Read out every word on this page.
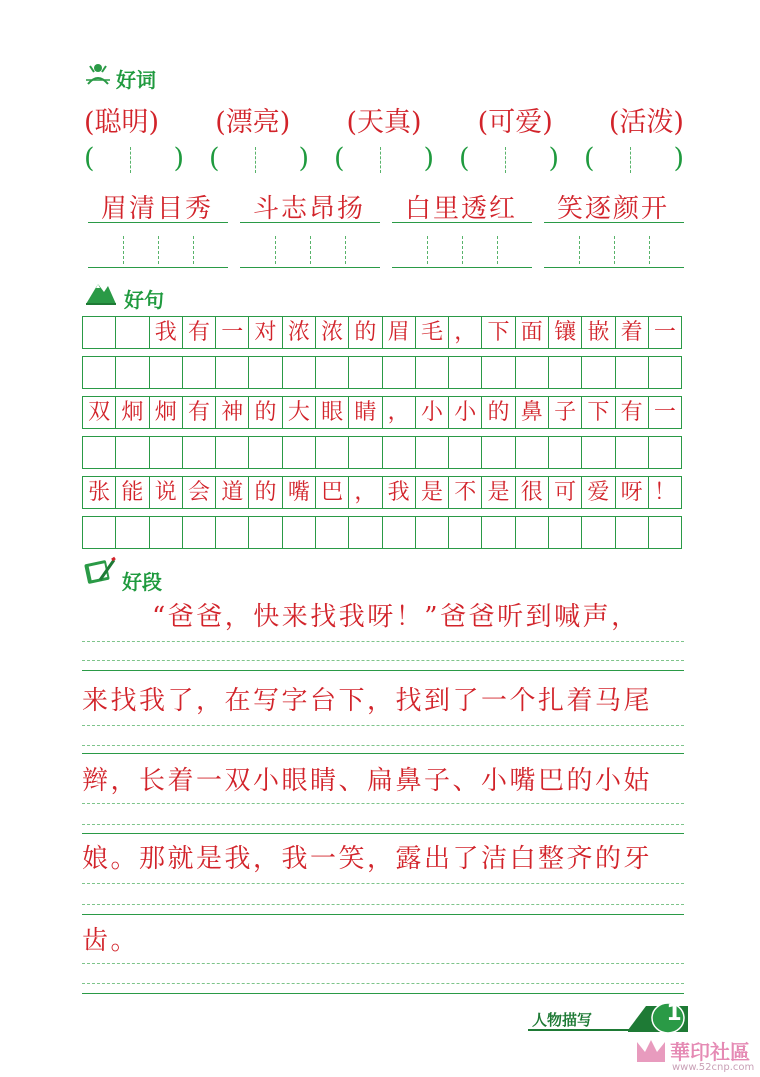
好词
(聪明) (漂亮) (天真) (可爱) (活泼)
(	) (	) (	) (	) (	)
眉清目秀	斗志昂扬	白里透红	笑逐颜开
好句
我 有 一 对 浓 浓 的 眉 毛 ， 下 面 镶 嵌 着 一
双 炯 炯 有 神 的 大 眼 睛 ， 小 小 的 鼻 子 下 有 一
张 能 说 会 道 的 嘴 巴 ， 我 是 不 是 很 可 爱 呀 ！
好段
“爸爸，快来找我呀！”爸爸听到喊声，
来找我了，在写字台下，找到了一个扎着马尾
辫，长着一双小眼睛、扁鼻子、小嘴巴的小姑
娘。那就是我，我一笑，露出了洁白整齐的牙
齿。
人物描写	1
華印社區
www.52cnp.com
